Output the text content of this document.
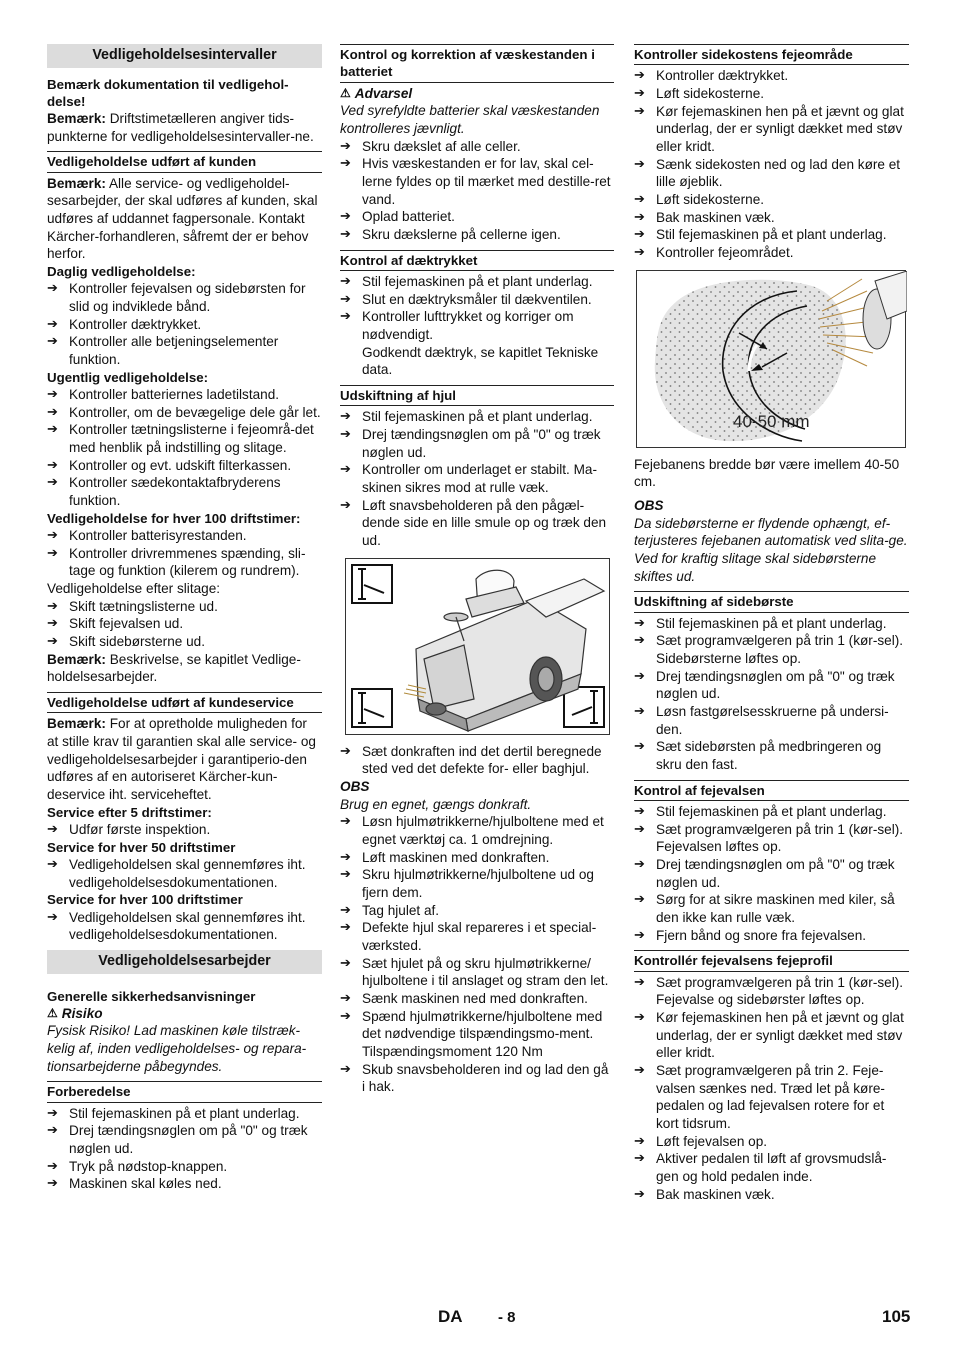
Vedligeholdelsesintervaller
Bemærk dokumentation til vedligehol-delse!
Bemærk: Driftstimetælleren angiver tids-punkterne for vedligeholdelsesintervaller-ne.
Vedligeholdelse udført af kunden
Bemærk: Alle service- og vedligeholdel-sesarbejder, der skal udføres af kunden, skal udføres af uddannet fagpersonale. Kontakt Kärcher-forhandleren, såfremt der er behov herfor.
Daglig vedligeholdelse:
➔ Kontroller fejevalsen og sidebørsten for slid og indviklede bånd.
➔ Kontroller dæktrykket.
➔ Kontroller alle betjeningselementer funktion.
Ugentlig vedligeholdelse:
➔ Kontroller batteriernes ladetilstand.
➔ Kontroller, om de bevægelige dele går let.
➔ Kontroller tætningslisterne i fejeområ-det med henblik på indstilling og slitage.
➔ Kontroller og evt. udskift filterkassen.
➔ Kontroller sædekontaktafbryderens funktion.
Vedligeholdelse for hver 100 driftstimer:
➔ Kontroller batterisyrestanden.
➔ Kontroller drivremmenes spænding, sli-tage og funktion (kilerem og rundrem).
Vedligeholdelse efter slitage:
➔ Skift tætningslisterne ud.
➔ Skift fejevalsen ud.
➔ Skift sidebørsterne ud.
Bemærk: Beskrivelse, se kapitlet Vedlige-holdelsesarbejder.
Vedligeholdelse udført af kundeservice
Bemærk: For at opretholde muligheden for at stille krav til garantien skal alle service- og vedligeholdelsesarbejder i garantiperio-den udføres af en autoriseret Kärcher-kun-deservice iht. serviceheftet.
Service efter 5 driftstimer:
➔ Udfør første inspektion.
Service for hver 50 driftstimer
➔ Vedligeholdelsen skal gennemføres iht. vedligeholdelsesdokumentationen.
Service for hver 100 driftstimer
➔ Vedligeholdelsen skal gennemføres iht. vedligeholdelsesdokumentationen.
Vedligeholdelsesarbejder
Generelle sikkerhedsanvisninger
⚠ Risiko
Fysisk Risiko! Lad maskinen køle tilstræk-kelig af, inden vedligeholdelses- og repara-tionsarbejderne påbegyndes.
Forberedelse
➔ Stil fejemaskinen på et plant underlag.
➔ Drej tændingsnøglen om på "0" og træk nøglen ud.
➔ Tryk på nødstop-knappen.
➔ Maskinen skal køles ned.
Kontrol og korrektion af væskestanden i batteriet
⚠ Advarsel
Ved syrefyldte batterier skal væskestanden kontrolleres jævnligt.
➔ Skru dækslet af alle celler.
➔ Hvis væskestanden er for lav, skal cel-lerne fyldes op til mærket med destille-ret vand.
➔ Oplad batteriet.
➔ Skru dækslerne på cellerne igen.
Kontrol af dæktrykket
➔ Stil fejemaskinen på et plant underlag.
➔ Slut en dæktryksmåler til dækventilen.
➔ Kontroller lufttrykket og korriger om nødvendigt.
Godkendt dæktryk, se kapitlet Tekniske data.
Udskiftning af hjul
➔ Stil fejemaskinen på et plant underlag.
➔ Drej tændingsnøglen om på "0" og træk nøglen ud.
➔ Kontroller om underlaget er stabilt. Ma-skinen sikres mod at rulle væk.
➔ Løft snavsbeholderen på den pågæl-dende side en lille smule op og træk den ud.
➔ Sæt donkraften ind det dertil beregnede sted ved det defekte for- eller baghjul.
OBS
Brug en egnet, gængs donkraft.
➔ Løsn hjulmøtrikkerne/hjulboltene med et egnet værktøj ca. 1 omdrejning.
➔ Løft maskinen med donkraften.
➔ Skru hjulmøtrikkerne/hjulboltene ud og fjern dem.
➔ Tag hjulet af.
➔ Defekte hjul skal repareres i et special-værksted.
➔ Sæt hjulet på og skru hjulmøtrikkerne/ hjulboltene i til anslaget og stram den let.
➔ Sænk maskinen ned med donkraften.
➔ Spænd hjulmøtrikkerne/hjulboltene med det nødvendige tilspændingsmo-ment.
Tilspændingsmoment 120 Nm
➔ Skub snavsbeholderen ind og lad den gå i hak.
Kontroller sidekostens fejeområde
➔ Kontroller dæktrykket.
➔ Løft sidekosterne.
➔ Kør fejemaskinen hen på et jævnt og glat underlag, der er synligt dækket med støv eller kridt.
➔ Sænk sidekosten ned og lad den køre et lille øjeblik.
➔ Løft sidekosterne.
➔ Bak maskinen væk.
➔ Stil fejemaskinen på et plant underlag.
➔ Kontroller fejeområdet.
40-50 mm
Fejebanens bredde bør være imellem 40-50 cm.
OBS
Da sidebørsterne er flydende ophængt, ef-terjusteres fejebanen automatisk ved slita-ge. Ved for kraftig slitage skal sidebørsterne skiftes ud.
Udskiftning af sidebørste
➔ Stil fejemaskinen på et plant underlag.
➔ Sæt programvælgeren på trin 1 (kør-sel). Sidebørsterne løftes op.
➔ Drej tændingsnøglen om på "0" og træk nøglen ud.
➔ Løsn fastgørelsesskruerne på undersi-den.
➔ Sæt sidebørsten på medbringeren og skru den fast.
Kontrol af fejevalsen
➔ Stil fejemaskinen på et plant underlag.
➔ Sæt programvælgeren på trin 1 (kør-sel). Fejevalsen løftes op.
➔ Drej tændingsnøglen om på "0" og træk nøglen ud.
➔ Sørg for at sikre maskinen med kiler, så den ikke kan rulle væk.
➔ Fjern bånd og snore fra fejevalsen.
Kontrollér fejevalsens fejeprofil
➔ Sæt programvælgeren på trin 1 (kør-sel). Fejevalse og sidebørster løftes op.
➔ Kør fejemaskinen hen på et jævnt og glat underlag, der er synligt dækket med støv eller kridt.
➔ Sæt programvælgeren på trin 2. Feje-valsen sænkes ned. Træd let på køre-pedalen og lad fejevalsen rotere for et kort tidsrum.
➔ Løft fejevalsen op.
➔ Aktiver pedalen til løft af grovsmudslå-gen og hold pedalen inde.
➔ Bak maskinen væk.
DA - 8	105
